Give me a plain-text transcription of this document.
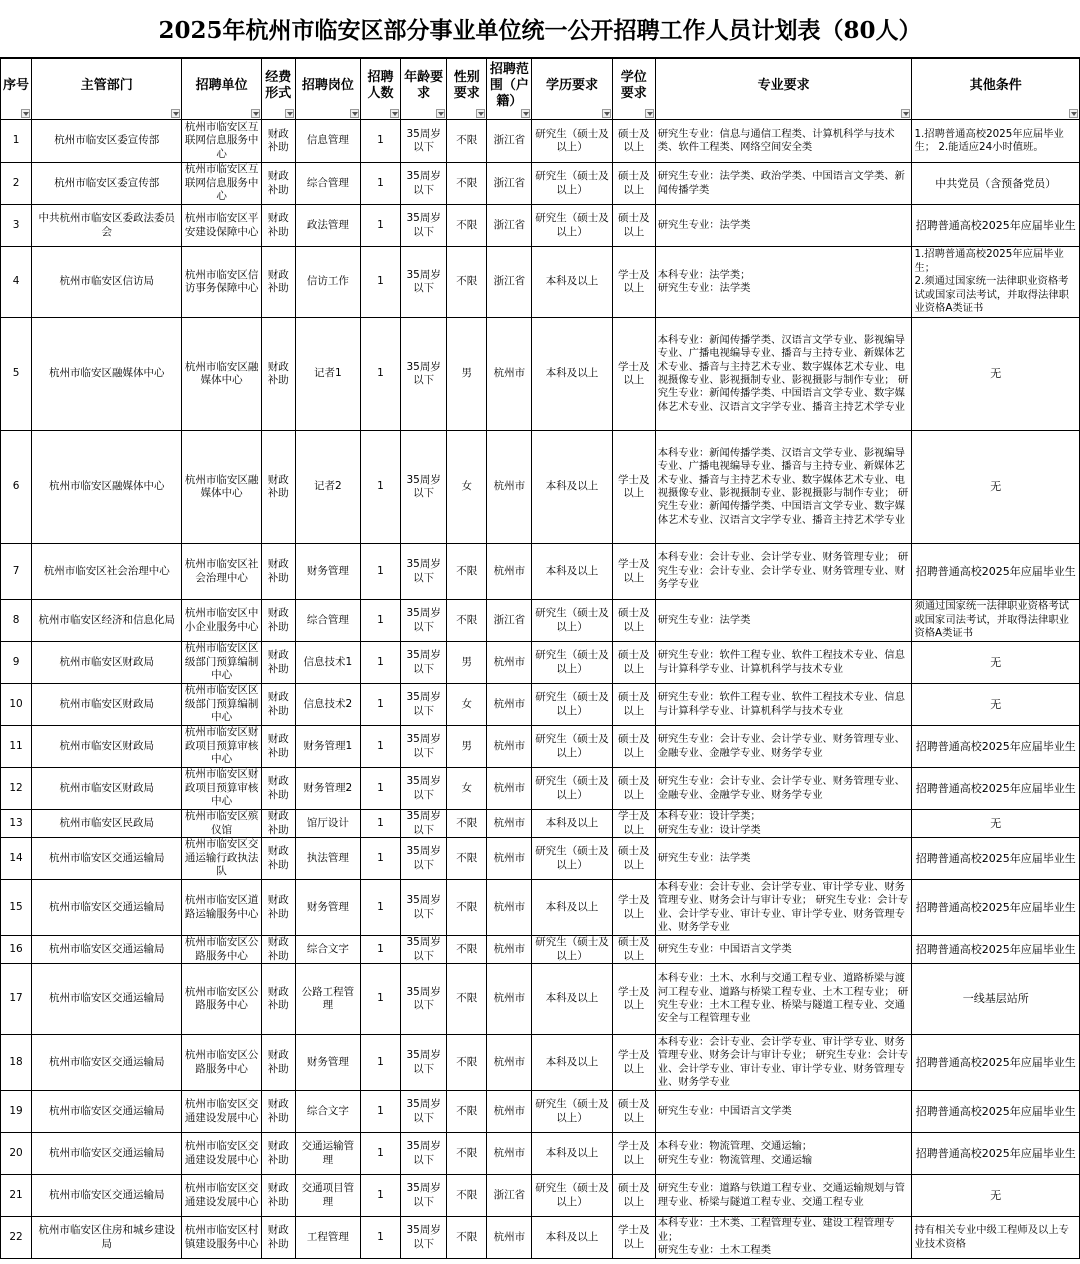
2025年杭州市临安区部分事业单位统一公开招聘工作人员计划表（80人）
序号	主管部门	招聘单位	经费形式	招聘岗位	招聘人数	年龄要求	性别要求	招聘范围（户籍）	学历要求	学位要求	专业要求	其他条件

1	杭州市临安区委宣传部	杭州市临安区互联网信息服务中心	财政补助	信息管理	1	35周岁以下	不限	浙江省	研究生（硕士及以上）	硕士及以上	研究生专业：信息与通信工程类、计算机科学与技术类、软件工程类、网络空间安全类	1.招聘普通高校2025年应届毕业生； 2.能适应24小时值班。
2	杭州市临安区委宣传部	杭州市临安区互联网信息服务中心	财政补助	综合管理	1	35周岁以下	不限	浙江省	研究生（硕士及以上）	硕士及以上	研究生专业：法学类、政治学类、中国语言文学类、新闻传播学类	中共党员（含预备党员）
3	中共杭州市临安区委政法委员会	杭州市临安区平安建设保障中心	财政补助	政法管理	1	35周岁以下	不限	浙江省	研究生（硕士及以上）	硕士及以上	研究生专业：法学类	招聘普通高校2025年应届毕业生
4	杭州市临安区信访局	杭州市临安区信访事务保障中心	财政补助	信访工作	1	35周岁以下	不限	浙江省	本科及以上	学士及以上	本科专业：法学类；
研究生专业：法学类	1.招聘普通高校2025年应届毕业生；
2.须通过国家统一法律职业资格考试或国家司法考试，并取得法律职业资格A类证书
5	杭州市临安区融媒体中心	杭州市临安区融媒体中心	财政补助	记者1	1	35周岁以下	男	杭州市	本科及以上	学士及以上	本科专业：新闻传播学类、汉语言文学专业、影视编导专业、广播电视编导专业、播音与主持专业、新媒体艺术专业、播音与主持艺术专业、数字媒体艺术专业、电视摄像专业、影视摄制专业、影视摄影与制作专业； 研究生专业：新闻传播学类、中国语言文学专业、数字媒体艺术专业、汉语言文字学专业、播音主持艺术学专业	无
6	杭州市临安区融媒体中心	杭州市临安区融媒体中心	财政补助	记者2	1	35周岁以下	女	杭州市	本科及以上	学士及以上	本科专业：新闻传播学类、汉语言文学专业、影视编导专业、广播电视编导专业、播音与主持专业、新媒体艺术专业、播音与主持艺术专业、数字媒体艺术专业、电视摄像专业、影视摄制专业、影视摄影与制作专业； 研究生专业：新闻传播学类、中国语言文学专业、数字媒体艺术专业、汉语言文字学专业、播音主持艺术学专业	无
7	杭州市临安区社会治理中心	杭州市临安区社会治理中心	财政补助	财务管理	1	35周岁以下	不限	杭州市	本科及以上	学士及以上	本科专业：会计专业、会计学专业、财务管理专业； 研究生专业：会计专业、会计学专业、财务管理专业、财务学专业	招聘普通高校2025年应届毕业生
8	杭州市临安区经济和信息化局	杭州市临安区中小企业服务中心	财政补助	综合管理	1	35周岁以下	不限	浙江省	研究生（硕士及以上）	硕士及以上	研究生专业：法学类	须通过国家统一法律职业资格考试或国家司法考试，并取得法律职业资格A类证书
9	杭州市临安区财政局	杭州市临安区区级部门预算编制中心	财政补助	信息技术1	1	35周岁以下	男	杭州市	研究生（硕士及以上）	硕士及以上	研究生专业：软件工程专业、软件工程技术专业、信息与计算科学专业、计算机科学与技术专业	无
10	杭州市临安区财政局	杭州市临安区区级部门预算编制中心	财政补助	信息技术2	1	35周岁以下	女	杭州市	研究生（硕士及以上）	硕士及以上	研究生专业：软件工程专业、软件工程技术专业、信息与计算科学专业、计算机科学与技术专业	无
11	杭州市临安区财政局	杭州市临安区财政项目预算审核中心	财政补助	财务管理1	1	35周岁以下	男	杭州市	研究生（硕士及以上）	硕士及以上	研究生专业：会计专业、会计学专业、财务管理专业、金融专业、金融学专业、财务学专业	招聘普通高校2025年应届毕业生
12	杭州市临安区财政局	杭州市临安区财政项目预算审核中心	财政补助	财务管理2	1	35周岁以下	女	杭州市	研究生（硕士及以上）	硕士及以上	研究生专业：会计专业、会计学专业、财务管理专业、金融专业、金融学专业、财务学专业	招聘普通高校2025年应届毕业生
13	杭州市临安区民政局	杭州市临安区殡仪馆	财政补助	馆厅设计	1	35周岁以下	不限	杭州市	本科及以上	学士及以上	本科专业：设计学类；
研究生专业：设计学类	无
14	杭州市临安区交通运输局	杭州市临安区交通运输行政执法队	财政补助	执法管理	1	35周岁以下	不限	杭州市	研究生（硕士及以上）	硕士及以上	研究生专业：法学类	招聘普通高校2025年应届毕业生
15	杭州市临安区交通运输局	杭州市临安区道路运输服务中心	财政补助	财务管理	1	35周岁以下	不限	杭州市	本科及以上	学士及以上	本科专业：会计专业、会计学专业、审计学专业、财务管理专业、财务会计与审计专业； 研究生专业：会计专业、会计学专业、审计专业、审计学专业、财务管理专业、财务学专业	招聘普通高校2025年应届毕业生
16	杭州市临安区交通运输局	杭州市临安区公路服务中心	财政补助	综合文字	1	35周岁以下	不限	杭州市	研究生（硕士及以上）	硕士及以上	研究生专业：中国语言文学类	招聘普通高校2025年应届毕业生
17	杭州市临安区交通运输局	杭州市临安区公路服务中心	财政补助	公路工程管理	1	35周岁以下	不限	杭州市	本科及以上	学士及以上	本科专业：土木、水利与交通工程专业、道路桥梁与渡河工程专业、道路与桥梁工程专业、土木工程专业； 研究生专业：土木工程专业、桥梁与隧道工程专业、交通安全与工程管理专业	一线基层站所
18	杭州市临安区交通运输局	杭州市临安区公路服务中心	财政补助	财务管理	1	35周岁以下	不限	杭州市	本科及以上	学士及以上	本科专业：会计专业、会计学专业、审计学专业、财务管理专业、财务会计与审计专业； 研究生专业：会计专业、会计学专业、审计专业、审计学专业、财务管理专业、财务学专业	招聘普通高校2025年应届毕业生
19	杭州市临安区交通运输局	杭州市临安区交通建设发展中心	财政补助	综合文字	1	35周岁以下	不限	杭州市	研究生（硕士及以上）	硕士及以上	研究生专业：中国语言文学类	招聘普通高校2025年应届毕业生
20	杭州市临安区交通运输局	杭州市临安区交通建设发展中心	财政补助	交通运输管理	1	35周岁以下	不限	杭州市	本科及以上	学士及以上	本科专业：物流管理、交通运输；
研究生专业：物流管理、交通运输	招聘普通高校2025年应届毕业生
21	杭州市临安区交通运输局	杭州市临安区交通建设发展中心	财政补助	交通项目管理	1	35周岁以下	不限	浙江省	研究生（硕士及以上）	硕士及以上	研究生专业：道路与铁道工程专业、交通运输规划与管理专业、桥梁与隧道工程专业、交通工程专业	无
22	杭州市临安区住房和城乡建设局	杭州市临安区村镇建设服务中心	财政补助	工程管理	1	35周岁以下	不限	杭州市	本科及以上	学士及以上	本科专业：土木类、工程管理专业、建设工程管理专业；
研究生专业：土木工程类	持有相关专业中级工程师及以上专业技术资格
